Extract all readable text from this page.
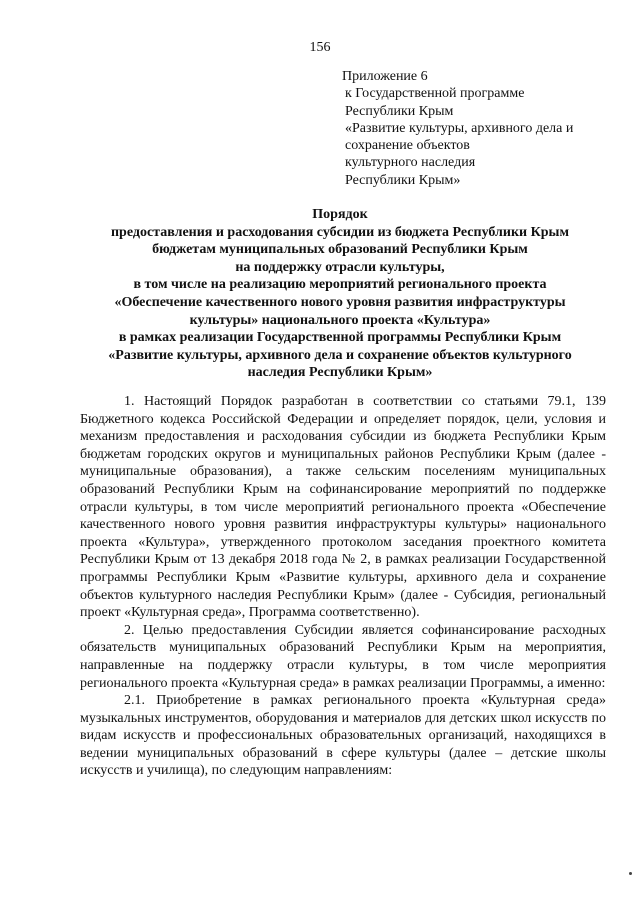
156
Приложение 6
к Государственной программе
Республики Крым
«Развитие культуры, архивного дела и
сохранение объектов
культурного наследия
Республики Крым»
Порядок
предоставления и расходования субсидии из бюджета Республики Крым
бюджетам муниципальных образований Республики Крым
на поддержку отрасли культуры,
в том числе на реализацию мероприятий регионального проекта
«Обеспечение качественного нового уровня развития инфраструктуры
культуры» национального проекта «Культура»
в рамках реализации Государственной программы Республики Крым
«Развитие культуры, архивного дела и сохранение объектов культурного
наследия Республики Крым»

1. Настоящий Порядок разработан в соответствии со статьями 79.1, 139 Бюджетного кодекса Российской Федерации и определяет порядок, цели, условия и механизм предоставления и расходования субсидии из бюджета Республики Крым бюджетам городских округов и муниципальных районов Республики Крым (далее - муниципальные образования), а также сельским поселениям муниципальных образований Республики Крым на софинансирование мероприятий по поддержке отрасли культуры, в том числе мероприятий регионального проекта «Обеспечение качественного нового уровня развития инфраструктуры культуры» национального проекта «Культура», утвержденного протоколом заседания проектного комитета Республики Крым от 13 декабря 2018 года № 2, в рамках реализации Государственной программы Республики Крым «Развитие культуры, архивного дела и сохранение объектов культурного наследия Республики Крым» (далее - Субсидия, региональный проект «Культурная среда», Программа соответственно).

2. Целью предоставления Субсидии является софинансирование расходных обязательств муниципальных образований Республики Крым на мероприятия, направленные на поддержку отрасли культуры, в том числе мероприятия регионального проекта «Культурная среда» в рамках реализации Программы, а именно:

2.1. Приобретение в рамках регионального проекта «Культурная среда» музыкальных инструментов, оборудования и материалов для детских школ искусств по видам искусств и профессиональных образовательных организаций, находящихся в ведении муниципальных образований в сфере культуры (далее – детские школы искусств и училища), по следующим направлениям:
